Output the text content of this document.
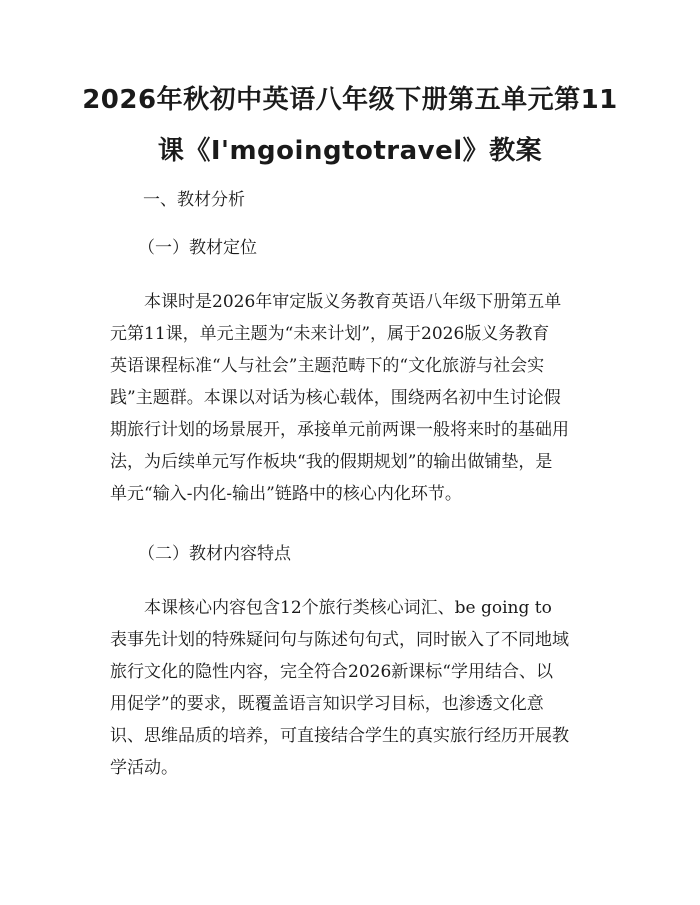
2026年秋初中英语八年级下册第五单元第11
课《I'mgoingtotravel》教案
一、教材分析
（一）教材定位
本课时是2026年审定版义务教育英语八年级下册第五单
元第11课，单元主题为“未来计划”，属于2026版义务教育
英语课程标准“人与社会”主题范畴下的“文化旅游与社会实
践”主题群。本课以对话为核心载体，围绕两名初中生讨论假
期旅行计划的场景展开，承接单元前两课一般将来时的基础用
法，为后续单元写作板块“我的假期规划”的输出做铺垫，是
单元“输入-内化-输出”链路中的核心内化环节。
（二）教材内容特点
本课核心内容包含12个旅行类核心词汇、be going to
表事先计划的特殊疑问句与陈述句句式，同时嵌入了不同地域
旅行文化的隐性内容，完全符合2026新课标“学用结合、以
用促学”的要求，既覆盖语言知识学习目标，也渗透文化意
识、思维品质的培养，可直接结合学生的真实旅行经历开展教
学活动。
